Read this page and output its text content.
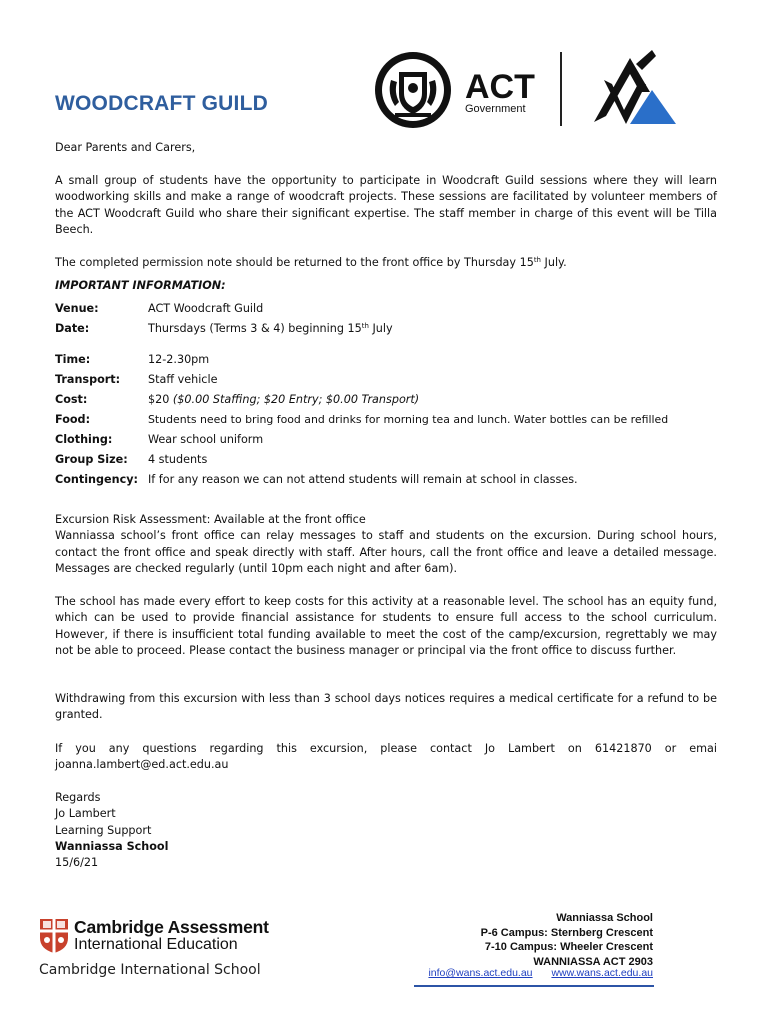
ACT
Government
WOODCRAFT GUILD
Dear Parents and Carers,
A small group of students have the opportunity to participate in Woodcraft Guild sessions where they will learn woodworking skills and make a range of woodcraft projects. These sessions are facilitated by volunteer members of the ACT Woodcraft Guild who share their significant expertise. The staff member in charge of this event will be Tilla Beech.
The completed permission note should be returned to the front office by Thursday 15th July.
IMPORTANT INFORMATION:
Venue:	ACT Woodcraft Guild
Date:	Thursdays (Terms 3 & 4) beginning 15th July
Time:	12-2.30pm
Transport: Staff vehicle
Cost:	$20 ($0.00 Staffing; $20 Entry; $0.00 Transport)
Food:	Students need to bring food and drinks for morning tea and lunch. Water bottles can be refilled
Clothing:	Wear school uniform
Group Size: 4 students
Contingency: If for any reason we can not attend students will remain at school in classes.

Excursion Risk Assessment: Available at the front office

Wanniassa school’s front office can relay messages to staff and students on the excursion. During school hours, contact the front office and speak directly with staff. After hours, call the front office and leave a detailed message. Messages are checked regularly (until 10pm each night and after 6am).

The school has made every effort to keep costs for this activity at a reasonable level. The school has an equity fund, which can be used to provide financial assistance for students to ensure full access to the school curriculum. However, if there is insufficient total funding available to meet the cost of the camp/excursion, regrettably we may not be able to proceed. Please contact the business manager or principal via the front office to discuss further.
Withdrawing from this excursion with less than 3 school days notices requires a medical certificate for a refund to be granted.
If you any questions regarding this excursion, please contact Jo Lambert on 61421870 or emai joanna.lambert@ed.act.edu.au

Regards

Jo Lambert

Learning Support

Wanniassa School

15/6/21

Cambridge Assessment
International Education
Cambridge International School
Wanniassa School
P-6 Campus: Sternberg Crescent
7-10 Campus: Wheeler Crescent
WANNIASSA ACT 2903
info@wans.act.edu.au www.wans.act.edu.au
